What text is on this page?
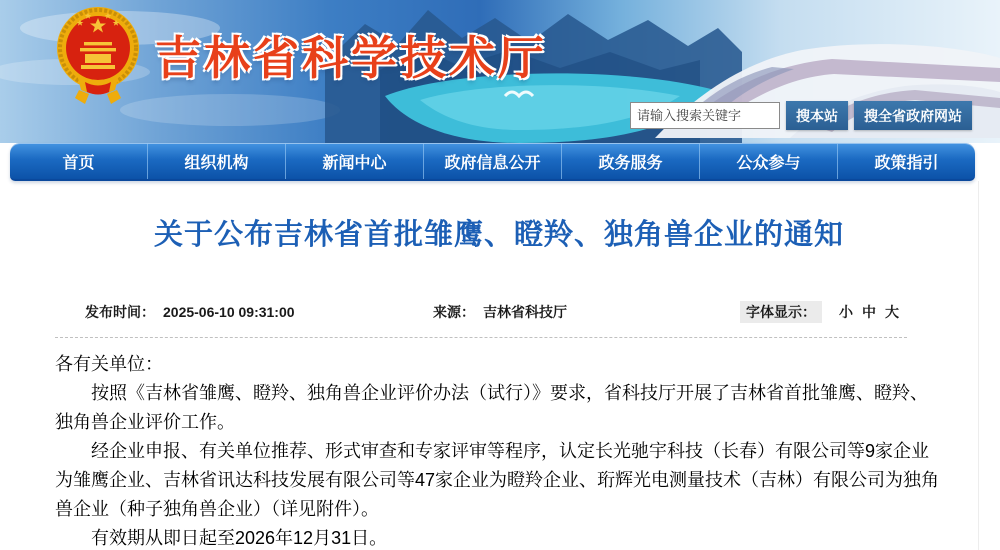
吉林省科学技术厅
请输入搜索关键字
搜本站	搜全省政府网站
首页	组织机构	新闻中心	政府信息公开	政务服务	公众参与	政策指引
关于公布吉林省首批雏鹰、瞪羚、独角兽企业的通知
发布时间： 2025-06-10 09:31:00	来源： 吉林省科技厅	字体显示： 小 中 大

各有关单位：

按照《吉林省雏鹰、瞪羚、独角兽企业评价办法（试行）》要求，省科技厅开展了吉林省首批雏鹰、瞪羚、独角兽企业评价工作。

经企业申报、有关单位推荐、形式审查和专家评审等程序，认定长光驰宇科技（长春）有限公司等9家企业为雏鹰企业、吉林省讯达科技发展有限公司等47家企业为瞪羚企业、珩辉光电测量技术（吉林）有限公司为独角兽企业（种子独角兽企业）（详见附件）。

有效期从即日起至2026年12月31日。
